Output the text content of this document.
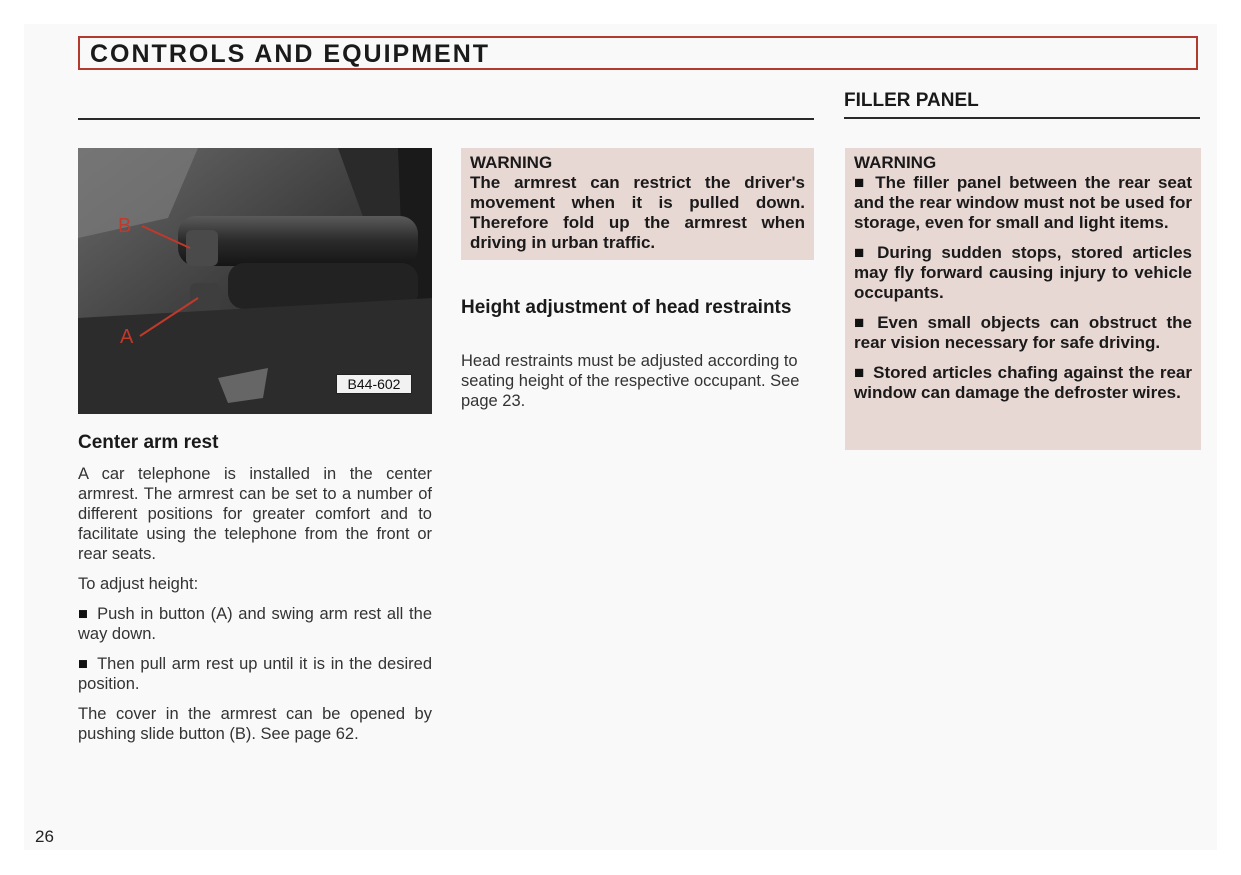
CONTROLS AND EQUIPMENT
FILLER PANEL
B
A
B44-602
Center arm rest

A car telephone is installed in the center armrest. The armrest can be set to a number of different positions for greater comfort and to facilitate using the telephone from the front or rear seats.

To adjust height:

■ Push in button (A) and swing arm rest all the way down.

■ Then pull arm rest up until it is in the desired position.

The cover in the armrest can be opened by pushing slide button (B). See page 62.

WARNING

The armrest can restrict the driver's movement when it is pulled down. Therefore fold up the armrest when driving in urban traffic.

Height adjustment of head restraints
Head restraints must be adjusted according to seating height of the respective occupant. See page 23.
WARNING

■ The filler panel between the rear seat and the rear window must not be used for storage, even for small and light items.

■ During sudden stops, stored articles may fly forward causing injury to vehicle occupants.

■ Even small objects can obstruct the rear vision necessary for safe driving.

■ Stored articles chafing against the rear window can damage the defroster wires.

26
